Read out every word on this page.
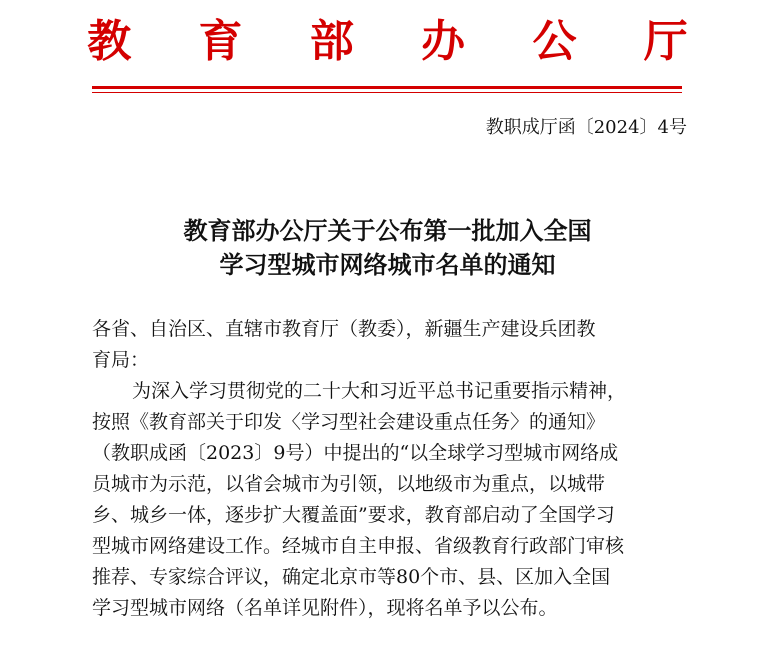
教 育 部 办 公 厅
教职成厅函〔2024〕4号
教育部办公厅关于公布第一批加入全国
学习型城市网络城市名单的通知
各省、自治区、直辖市教育厅（教委），新疆生产建设兵团教
育局：
为深入学习贯彻党的二十大和习近平总书记重要指示精神，
按照《教育部关于印发〈学习型社会建设重点任务〉的通知》
（教职成函〔2023〕9号）中提出的“以全球学习型城市网络成
员城市为示范，以省会城市为引领，以地级市为重点，以城带
乡、城乡一体，逐步扩大覆盖面”要求，教育部启动了全国学习
型城市网络建设工作。经城市自主申报、省级教育行政部门审核
推荐、专家综合评议，确定北京市等80个市、县、区加入全国
学习型城市网络（名单详见附件），现将名单予以公布。
